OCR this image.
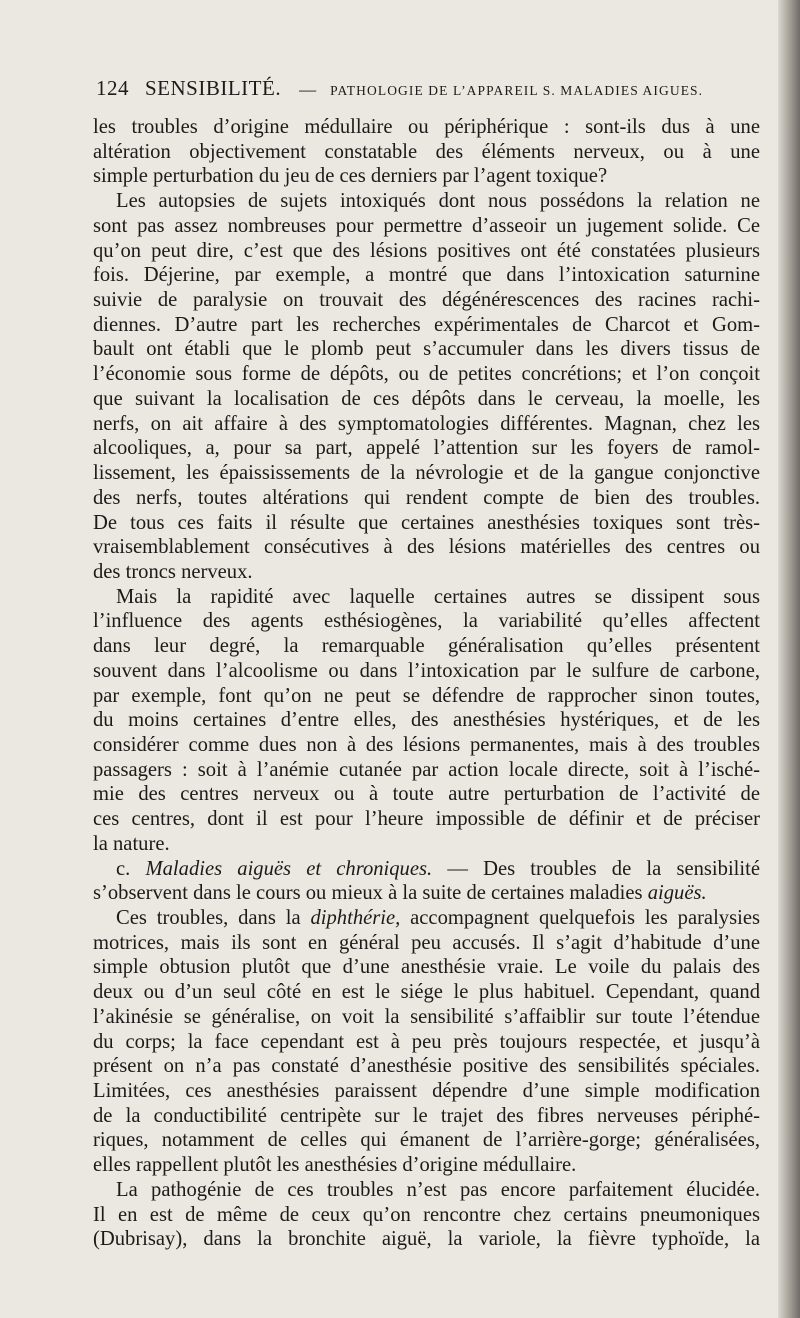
124 SENSIBILITÉ. — PATHOLOGIE DE L’APPAREIL S. MALADIES AIGUES.

les troubles d’origine médullaire ou périphérique : sont-ils dus à une

altération objectivement constatable des éléments nerveux, ou à une

simple perturbation du jeu de ces derniers par l’agent toxique?

Les autopsies de sujets intoxiqués dont nous possédons la relation ne

sont pas assez nombreuses pour permettre d’asseoir un jugement solide. Ce

qu’on peut dire, c’est que des lésions positives ont été constatées plusieurs

fois. Déjerine, par exemple, a montré que dans l’intoxication saturnine

suivie de paralysie on trouvait des dégénérescences des racines rachi-

diennes. D’autre part les recherches expérimentales de Charcot et Gom-

bault ont établi que le plomb peut s’accumuler dans les divers tissus de

l’économie sous forme de dépôts, ou de petites concrétions; et l’on conçoit

que suivant la localisation de ces dépôts dans le cerveau, la moelle, les

nerfs, on ait affaire à des symptomatologies différentes. Magnan, chez les

alcooliques, a, pour sa part, appelé l’attention sur les foyers de ramol-

lissement, les épaississements de la névrologie et de la gangue conjonctive

des nerfs, toutes altérations qui rendent compte de bien des troubles.

De tous ces faits il résulte que certaines anesthésies toxiques sont très-

vraisemblablement consécutives à des lésions matérielles des centres ou

des troncs nerveux.

Mais la rapidité avec laquelle certaines autres se dissipent sous

l’influence des agents esthésiogènes, la variabilité qu’elles affectent

dans leur degré, la remarquable généralisation qu’elles présentent

souvent dans l’alcoolisme ou dans l’intoxication par le sulfure de carbone,

par exemple, font qu’on ne peut se défendre de rapprocher sinon toutes,

du moins certaines d’entre elles, des anesthésies hystériques, et de les

considérer comme dues non à des lésions permanentes, mais à des troubles

passagers : soit à l’anémie cutanée par action locale directe, soit à l’isché-

mie des centres nerveux ou à toute autre perturbation de l’activité de

ces centres, dont il est pour l’heure impossible de définir et de préciser

la nature.

c. Maladies aiguës et chroniques. — Des troubles de la sensibilité

s’observent dans le cours ou mieux à la suite de certaines maladies aiguës.

Ces troubles, dans la diphthérie, accompagnent quelquefois les paralysies

motrices, mais ils sont en général peu accusés. Il s’agit d’habitude d’une

simple obtusion plutôt que d’une anesthésie vraie. Le voile du palais des

deux ou d’un seul côté en est le siége le plus habituel. Cependant, quand

l’akinésie se généralise, on voit la sensibilité s’affaiblir sur toute l’étendue

du corps; la face cependant est à peu près toujours respectée, et jusqu’à

présent on n’a pas constaté d’anesthésie positive des sensibilités spéciales.

Limitées, ces anesthésies paraissent dépendre d’une simple modification

de la conductibilité centripète sur le trajet des fibres nerveuses périphé-

riques, notamment de celles qui émanent de l’arrière-gorge; généralisées,

elles rappellent plutôt les anesthésies d’origine médullaire.

La pathogénie de ces troubles n’est pas encore parfaitement élucidée.

Il en est de même de ceux qu’on rencontre chez certains pneumoniques

(Dubrisay), dans la bronchite aiguë, la variole, la fièvre typhoïde, la
